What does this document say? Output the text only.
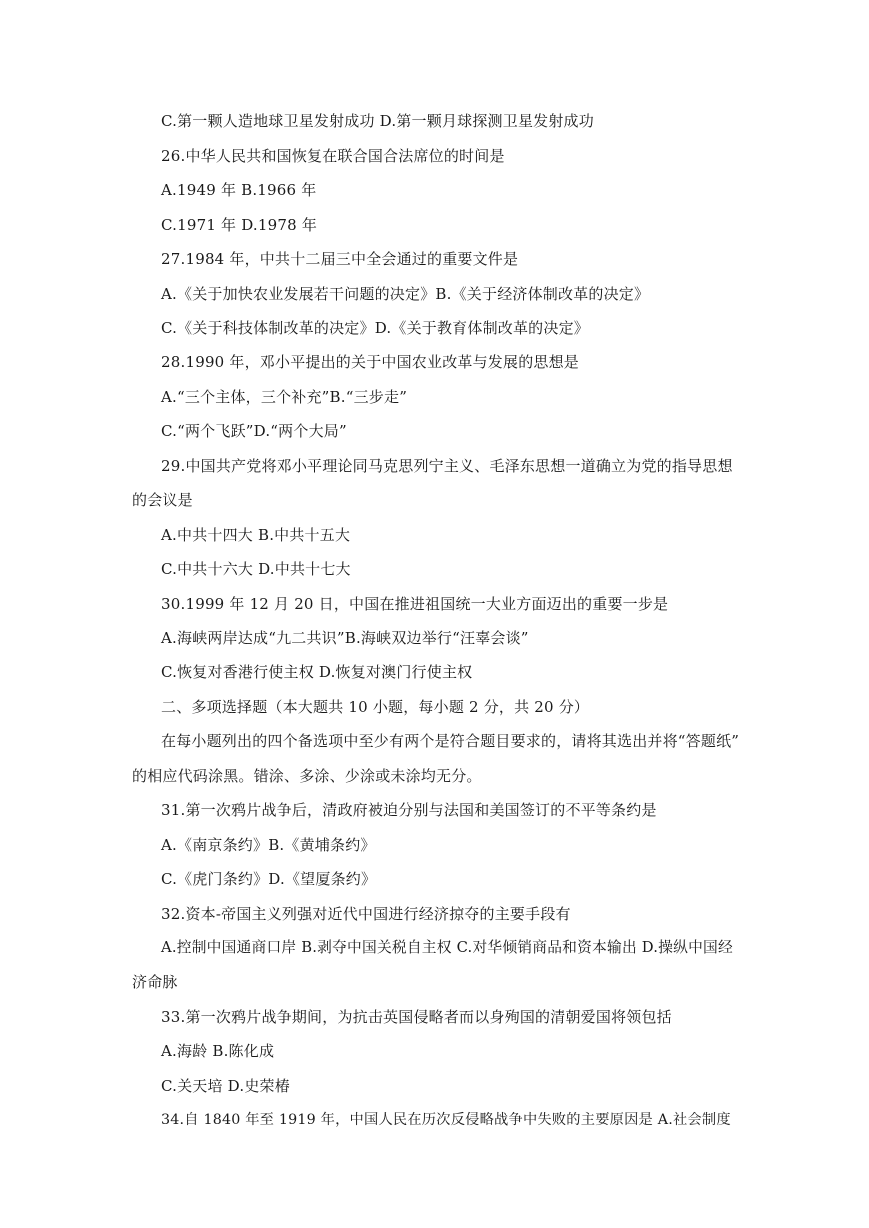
C.第一颗人造地球卫星发射成功 D.第一颗月球探测卫星发射成功
26.中华人民共和国恢复在联合国合法席位的时间是
A.1949 年 B.1966 年
C.1971 年 D.1978 年
27.1984 年，中共十二届三中全会通过的重要文件是
A.《关于加快农业发展若干问题的决定》B.《关于经济体制改革的决定》
C.《关于科技体制改革的决定》D.《关于教育体制改革的决定》
28.1990 年，邓小平提出的关于中国农业改革与发展的思想是
A.“三个主体，三个补充”B.“三步走”
C.“两个飞跃”D.“两个大局”
29.中国共产党将邓小平理论同马克思列宁主义、毛泽东思想一道确立为党的指导思想
的会议是
A.中共十四大 B.中共十五大
C.中共十六大 D.中共十七大
30.1999 年 12 月 20 日，中国在推进祖国统一大业方面迈出的重要一步是
A.海峡两岸达成“九二共识”B.海峡双边举行“汪辜会谈”
C.恢复对香港行使主权 D.恢复对澳门行使主权
二、多项选择题（本大题共 10 小题，每小题 2 分，共 20 分）
在每小题列出的四个备选项中至少有两个是符合题目要求的，请将其选出并将“答题纸”
的相应代码涂黑。错涂、多涂、少涂或未涂均无分。
31.第一次鸦片战争后，清政府被迫分别与法国和美国签订的不平等条约是
A.《南京条约》B.《黄埔条约》
C.《虎门条约》D.《望厦条约》
32.资本-帝国主义列强对近代中国进行经济掠夺的主要手段有
A.控制中国通商口岸 B.剥夺中国关税自主权 C.对华倾销商品和资本输出 D.操纵中国经
济命脉
33.第一次鸦片战争期间，为抗击英国侵略者而以身殉国的清朝爱国将领包括
A.海龄 B.陈化成
C.关天培 D.史荣椿
34.自 1840 年至 1919 年，中国人民在历次反侵略战争中失败的主要原因是 A.社会制度
